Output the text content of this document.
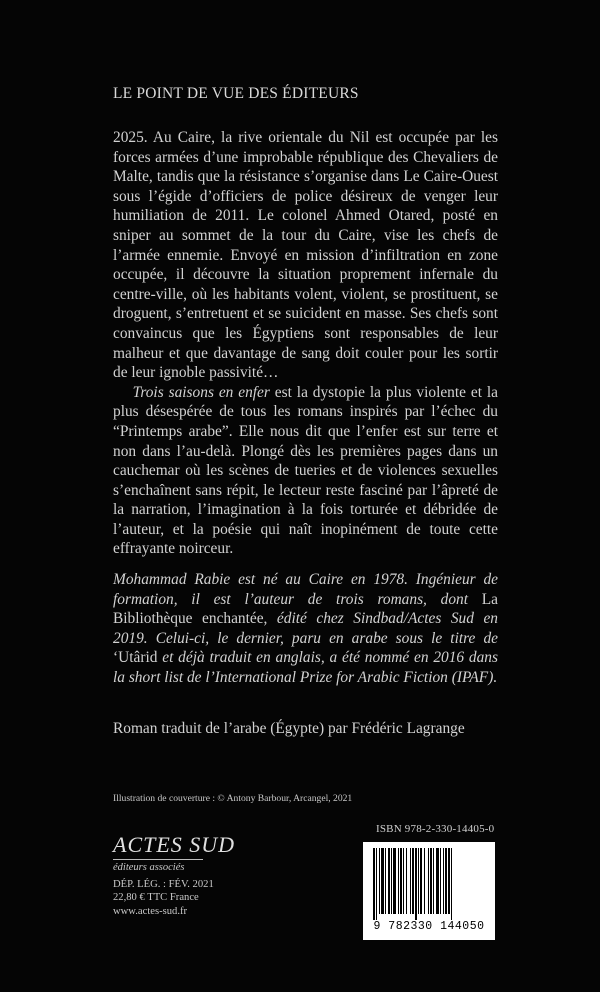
LE POINT DE VUE DES ÉDITEURS

2025. Au Caire, la rive orientale du Nil est occupée par les forces armées d’une improbable république des Chevaliers de Malte, tandis que la résistance s’organise dans Le Caire-Ouest sous l’égide d’officiers de police désireux de venger leur humiliation de 2011. Le colonel Ahmed Otared, posté en sniper au sommet de la tour du Caire, vise les chefs de l’armée ennemie. Envoyé en mission d’infiltration en zone occupée, il découvre la situation proprement infernale du centre-ville, où les habitants volent, violent, se prostituent, se droguent, s’entretuent et se suicident en masse. Ses chefs sont convaincus que les Égyptiens sont responsables de leur malheur et que davantage de sang doit couler pour les sortir de leur ignoble passivité…

Trois saisons en enfer est la dystopie la plus violente et la plus désespérée de tous les romans inspirés par l’échec du “Printemps arabe”. Elle nous dit que l’enfer est sur terre et non dans l’au-delà. Plongé dès les premières pages dans un cauchemar où les scènes de tueries et de violences sexuelles s’enchaînent sans répit, le lecteur reste fasciné par l’âpreté de la narration, l’imagination à la fois torturée et débridée de l’auteur, et la poésie qui naît inopinément de toute cette effrayante noirceur.

Mohammad Rabie est né au Caire en 1978. Ingénieur de formation, il est l’auteur de trois romans, dont La Bibliothèque enchantée, édité chez Sindbad/Actes Sud en 2019. Celui-ci, le dernier, paru en arabe sous le titre de ‘Utârid et déjà traduit en anglais, a été nommé en 2016 dans la short list de l’International Prize for Arabic Fiction (IPAF).
Roman traduit de l’arabe (Égypte) par Frédéric Lagrange
Illustration de couverture : © Antony Barbour, Arcangel, 2021
ACTES SUD
éditeurs associés
DÉP. LÉG. : FÉV. 2021
22,80 € TTC France
www.actes-sud.fr
ISBN 978-2-330-14405-0
9 782330 144050
